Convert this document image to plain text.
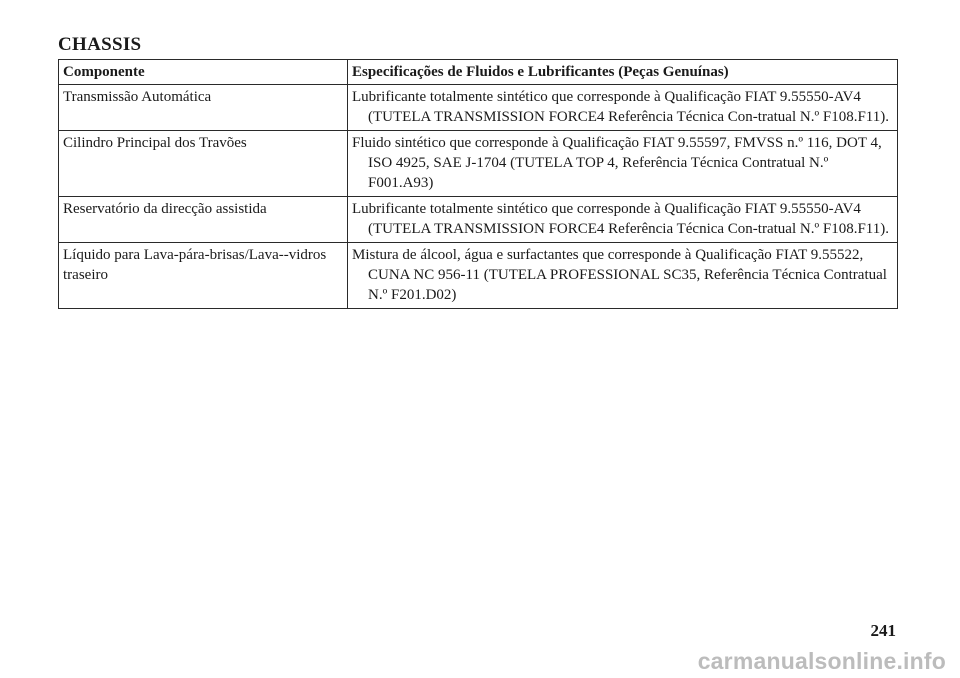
CHASSIS
Componente	Especificações de Fluidos e Lubrificantes (Peças Genuínas)
Transmissão Automática	Lubrificante totalmente sintético que corresponde à Qualificação FIAT 9.55550-AV4 (TUTELA TRANSMISSION FORCE4 Referência Técnica Con-tratual N.º F108.F11).
Cilindro Principal dos Travões	Fluido sintético que corresponde à Qualificação FIAT 9.55597, FMVSS n.º 116, DOT 4, ISO 4925, SAE J-1704 (TUTELA TOP 4, Referência Técnica Contratual N.º F001.A93)
Reservatório da direcção assistida	Lubrificante totalmente sintético que corresponde à Qualificação FIAT 9.55550-AV4 (TUTELA TRANSMISSION FORCE4 Referência Técnica Con-tratual N.º F108.F11).
Líquido para Lava-pára-brisas/Lava--vidros traseiro	Mistura de álcool, água e surfactantes que corresponde à Qualificação FIAT 9.55522, CUNA NC 956-11 (TUTELA PROFESSIONAL SC35, Referência Técnica Contratual N.º F201.D02)
241
carmanualsonline.info
